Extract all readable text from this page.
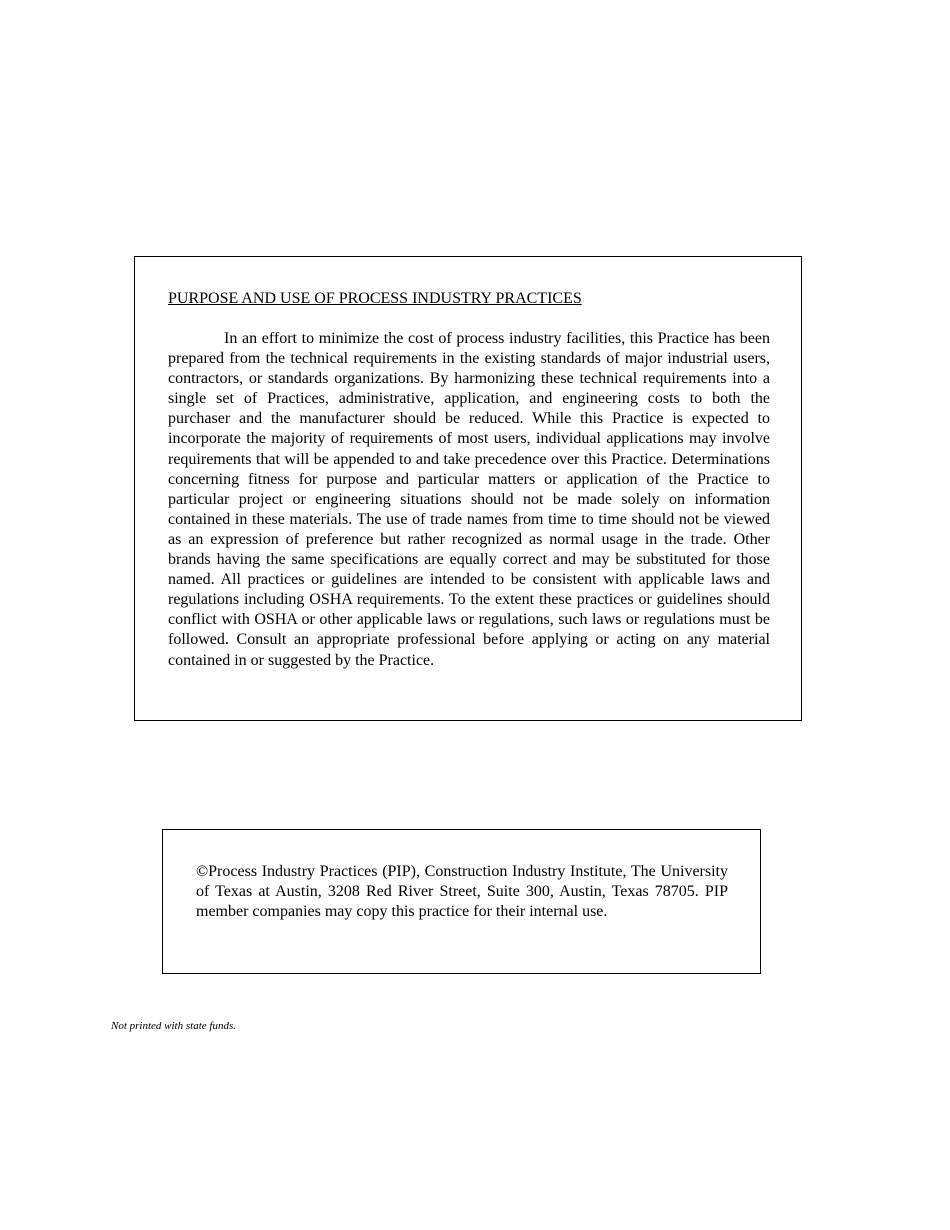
PURPOSE AND USE OF PROCESS INDUSTRY PRACTICES

In an effort to minimize the cost of process industry facilities, this Practice has been prepared from the technical requirements in the existing standards of major industrial users, contractors, or standards organizations. By harmonizing these technical requirements into a single set of Practices, administrative, application, and engineering costs to both the purchaser and the manufacturer should be reduced. While this Practice is expected to incorporate the majority of requirements of most users, individual applications may involve requirements that will be appended to and take precedence over this Practice. Determinations concerning fitness for purpose and particular matters or application of the Practice to particular project or engineering situations should not be made solely on information contained in these materials. The use of trade names from time to time should not be viewed as an expression of preference but rather recognized as normal usage in the trade. Other brands having the same specifications are equally correct and may be substituted for those named. All practices or guidelines are intended to be consistent with applicable laws and regulations including OSHA requirements. To the extent these practices or guidelines should conflict with OSHA or other applicable laws or regulations, such laws or regulations must be followed. Consult an appropriate professional before applying or acting on any material contained in or suggested by the Practice.

©Process Industry Practices (PIP), Construction Industry Institute, The University of Texas at Austin, 3208 Red River Street, Suite 300, Austin, Texas 78705. PIP member companies may copy this practice for their internal use.

Not printed with state funds.
